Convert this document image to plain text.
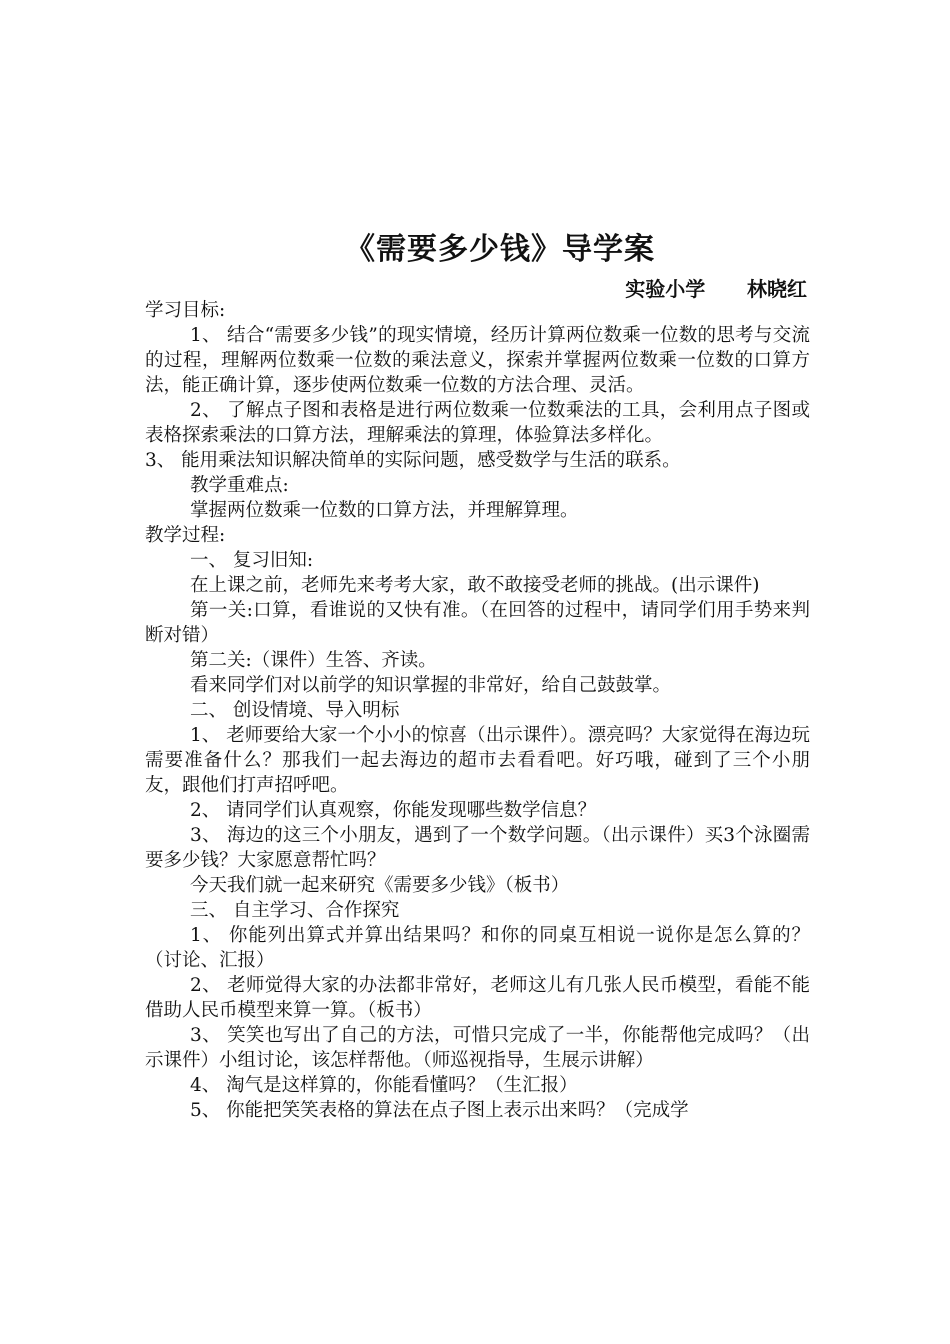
《需要多少钱》导学案
实验小学      林晓红

学习目标:

1、 结合“需要多少钱”的现实情境，经历计算两位数乘一位数的思考与交流的过程，理解两位数乘一位数的乘法意义，探索并掌握两位数乘一位数的口算方法，能正确计算，逐步使两位数乘一位数的方法合理、灵活。

2、 了解点子图和表格是进行两位数乘一位数乘法的工具，会利用点子图或表格探索乘法的口算方法，理解乘法的算理，体验算法多样化。

3、 能用乘法知识解决简单的实际问题，感受数学与生活的联系。

教学重难点:

掌握两位数乘一位数的口算方法，并理解算理。

教学过程:

一、 复习旧知:

在上课之前，老师先来考考大家，敢不敢接受老师的挑战。(出示课件)

第一关:口算，看谁说的又快有准。（在回答的过程中，请同学们用手势来判断对错）

第二关:（课件）生答、齐读。

看来同学们对以前学的知识掌握的非常好，给自己鼓鼓掌。

二、 创设情境、导入明标

1、 老师要给大家一个小小的惊喜（出示课件）。漂亮吗？大家觉得在海边玩需要准备什么？那我们一起去海边的超市去看看吧。好巧哦，碰到了三个小朋友，跟他们打声招呼吧。

2、 请同学们认真观察，你能发现哪些数学信息？

3、 海边的这三个小朋友，遇到了一个数学问题。（出示课件）买3个泳圈需要多少钱？大家愿意帮忙吗？

今天我们就一起来研究《需要多少钱》（板书）

三、 自主学习、合作探究

1、 你能列出算式并算出结果吗？和你的同桌互相说一说你是怎么算的？（讨论、汇报）

2、 老师觉得大家的办法都非常好，老师这儿有几张人民币模型，看能不能借助人民币模型来算一算。（板书）

3、 笑笑也写出了自己的方法，可惜只完成了一半，你能帮他完成吗？（出示课件）小组讨论，该怎样帮他。（师巡视指导，生展示讲解）

4、 淘气是这样算的，你能看懂吗？（生汇报）

5、 你能把笑笑表格的算法在点子图上表示出来吗？（完成学
